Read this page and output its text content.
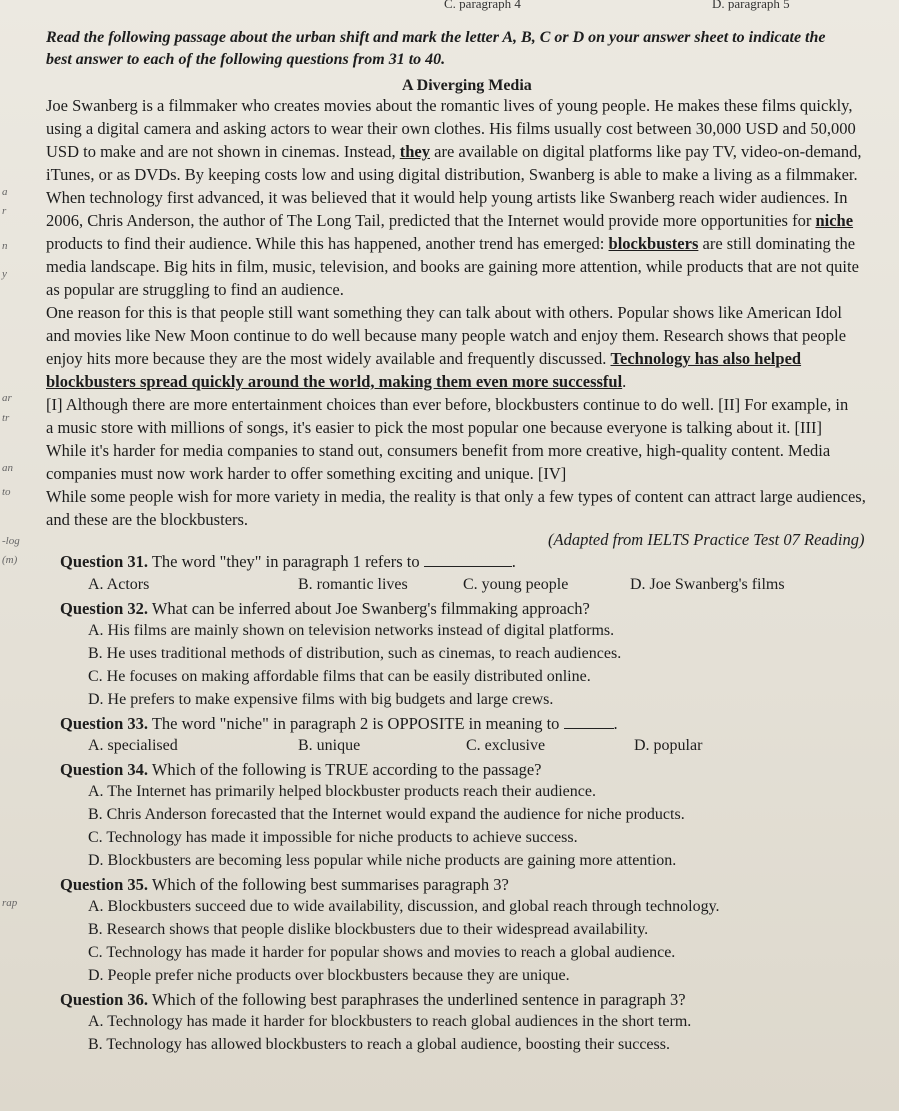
C. paragraph 4	D. paragraph 5
a
r
n
y
ar
tr
an
to
-log
(m)
rap
Read the following passage about the urban shift and mark the letter A, B, C or D on your answer sheet to indicate the
best answer to each of the following questions from 31 to 40.
A Diverging Media
Joe Swanberg is a filmmaker who creates movies about the romantic lives of young people. He makes these films quickly,
using a digital camera and asking actors to wear their own clothes. His films usually cost between 30,000 USD and 50,000
USD to make and are not shown in cinemas. Instead, they are available on digital platforms like pay TV, video-on-demand,
iTunes, or as DVDs. By keeping costs low and using digital distribution, Swanberg is able to make a living as a filmmaker.
When technology first advanced, it was believed that it would help young artists like Swanberg reach wider audiences. In
2006, Chris Anderson, the author of The Long Tail, predicted that the Internet would provide more opportunities for niche
products to find their audience. While this has happened, another trend has emerged: blockbusters are still dominating the
media landscape. Big hits in film, music, television, and books are gaining more attention, while products that are not quite
as popular are struggling to find an audience.
One reason for this is that people still want something they can talk about with others. Popular shows like American Idol
and movies like New Moon continue to do well because many people watch and enjoy them. Research shows that people
enjoy hits more because they are the most widely available and frequently discussed. Technology has also helped
blockbusters spread quickly around the world, making them even more successful.
[I] Although there are more entertainment choices than ever before, blockbusters continue to do well. [II] For example, in
a music store with millions of songs, it's easier to pick the most popular one because everyone is talking about it. [III]
While it's harder for media companies to stand out, consumers benefit from more creative, high-quality content. Media
companies must now work harder to offer something exciting and unique. [IV]
While some people wish for more variety in media, the reality is that only a few types of content can attract large audiences,
and these are the blockbusters.
(Adapted from IELTS Practice Test 07 Reading)
Question 31. The word "they" in paragraph 1 refers to	.
A. Actors	B. romantic lives	C. young people	D. Joe Swanberg's films
Question 32. What can be inferred about Joe Swanberg's filmmaking approach?
A. His films are mainly shown on television networks instead of digital platforms.
B. He uses traditional methods of distribution, such as cinemas, to reach audiences.
C. He focuses on making affordable films that can be easily distributed online.
D. He prefers to make expensive films with big budgets and large crews.
Question 33. The word "niche" in paragraph 2 is OPPOSITE in meaning to	.
A. specialised	B. unique	C. exclusive	D. popular
Question 34. Which of the following is TRUE according to the passage?
A. The Internet has primarily helped blockbuster products reach their audience.
B. Chris Anderson forecasted that the Internet would expand the audience for niche products.
C. Technology has made it impossible for niche products to achieve success.
D. Blockbusters are becoming less popular while niche products are gaining more attention.
Question 35. Which of the following best summarises paragraph 3?
A. Blockbusters succeed due to wide availability, discussion, and global reach through technology.
B. Research shows that people dislike blockbusters due to their widespread availability.
C. Technology has made it harder for popular shows and movies to reach a global audience.
D. People prefer niche products over blockbusters because they are unique.
Question 36. Which of the following best paraphrases the underlined sentence in paragraph 3?
A. Technology has made it harder for blockbusters to reach global audiences in the short term.
B. Technology has allowed blockbusters to reach a global audience, boosting their success.
